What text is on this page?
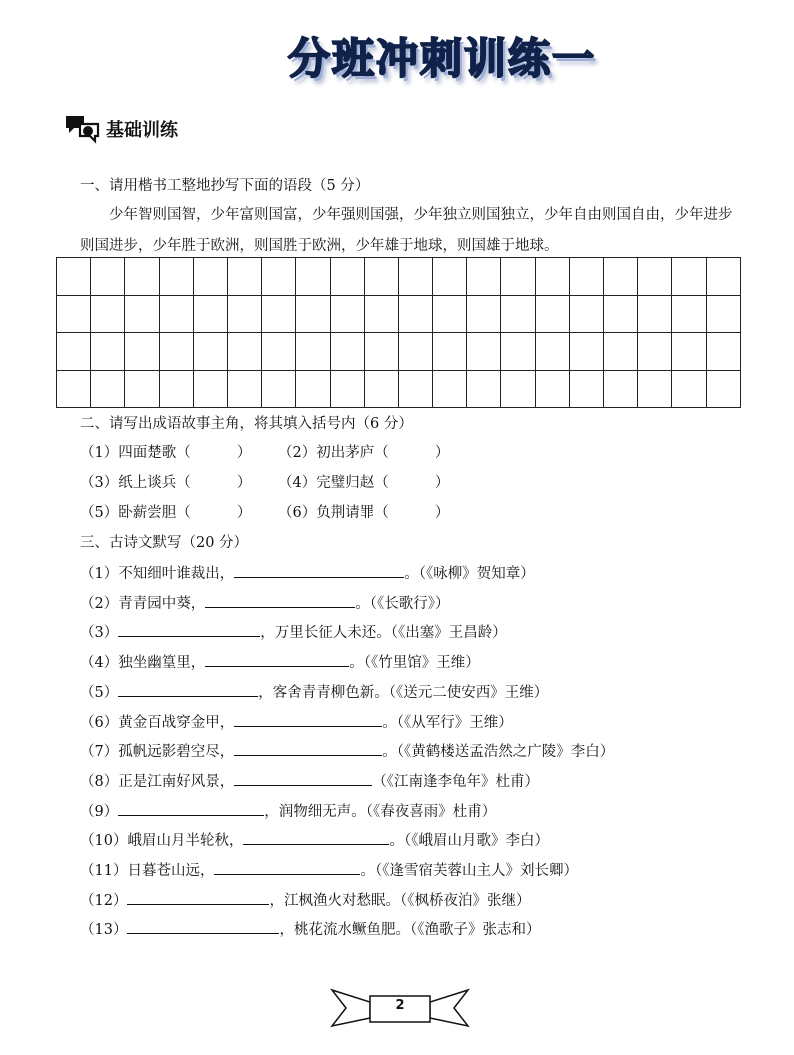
分班冲刺训练一
基础训练
一、请用楷书工整地抄写下面的语段（5 分）
少年智则国智，少年富则国富，少年强则国强，少年独立则国独立，少年自由则国自由，少年进步则国进步，少年胜于欧洲，则国胜于欧洲，少年雄于地球，则国雄于地球。

二、请写出成语故事主角，将其填入括号内（6 分）
（1）四面楚歌（          ） （2）初出茅庐（          ）
（3）纸上谈兵（          ） （4）完璧归赵（          ）
（5）卧薪尝胆（          ） （6）负荆请罪（          ）
三、古诗文默写（20 分）
（1）不知细叶谁裁出，	。（《咏柳》贺知章）
（2）青青园中葵，	。（《长歌行》）
（3）	，万里长征人未还。（《出塞》王昌龄）
（4）独坐幽篁里，	。（《竹里馆》王维）
（5）	，客舍青青柳色新。（《送元二使安西》王维）
（6）黄金百战穿金甲，	。（《从军行》王维）
（7）孤帆远影碧空尽，	。（《黄鹤楼送孟浩然之广陵》李白）
（8）正是江南好风景，	（《江南逢李龟年》杜甫）
（9）	，润物细无声。（《春夜喜雨》杜甫）
（10）峨眉山月半轮秋，	。（《峨眉山月歌》李白）
（11）日暮苍山远，	。（《逢雪宿芙蓉山主人》刘长卿）
（12）	，江枫渔火对愁眠。（《枫桥夜泊》张继）
（13）	，桃花流水鳜鱼肥。（《渔歌子》张志和）
2
